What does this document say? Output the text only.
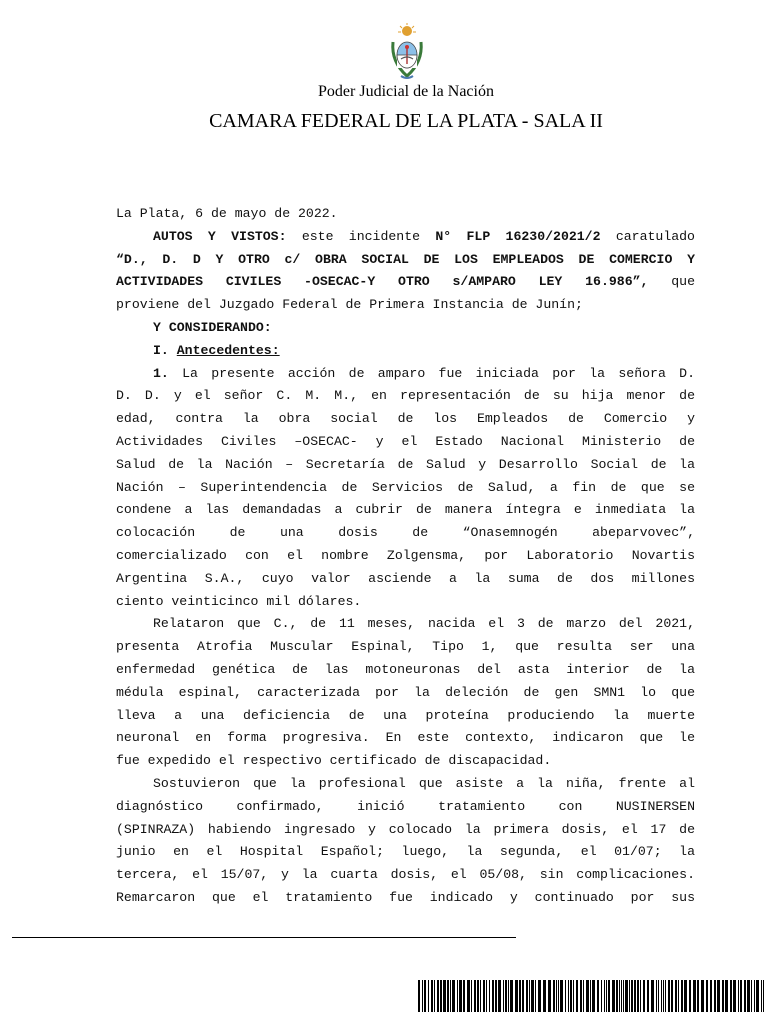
Poder Judicial de la Nación
CAMARA FEDERAL DE LA PLATA - SALA II
La Plata, 6 de mayo de 2022.
AUTOS Y VISTOS: este incidente N° FLP 16230/2021/2 caratulado
“D., D. D Y OTRO c/ OBRA SOCIAL DE LOS EMPLEADOS DE COMERCIO Y
ACTIVIDADES CIVILES -OSECAC-Y OTRO s/AMPARO LEY 16.986”, que
proviene del Juzgado Federal de Primera Instancia de Junín;
Y CONSIDERANDO:
I. Antecedentes:
1. La presente acción de amparo fue iniciada por la señora D.
D. D. y el señor C. M. M., en representación de su hija menor de
edad, contra la obra social de los Empleados de Comercio y
Actividades Civiles –OSECAC- y el Estado Nacional Ministerio de
Salud de la Nación – Secretaría de Salud y Desarrollo Social de la
Nación – Superintendencia de Servicios de Salud, a fin de que se
condene a las demandadas a cubrir de manera íntegra e inmediata la
colocación de una dosis de “Onasemnogén abeparvovec”,
comercializado con el nombre Zolgensma, por Laboratorio Novartis
Argentina S.A., cuyo valor asciende a la suma de dos millones
ciento veinticinco mil dólares.
Relataron que C., de 11 meses, nacida el 3 de marzo del 2021,
presenta Atrofia Muscular Espinal, Tipo 1, que resulta ser una
enfermedad genética de las motoneuronas del asta interior de la
médula espinal, caracterizada por la deleción de gen SMN1 lo que
lleva a una deficiencia de una proteína produciendo la muerte
neuronal en forma progresiva. En este contexto, indicaron que le
fue expedido el respectivo certificado de discapacidad.
Sostuvieron que la profesional que asiste a la niña, frente al
diagnóstico confirmado, inició tratamiento con NUSINERSEN
(SPINRAZA) habiendo ingresado y colocado la primera dosis, el 17 de
junio en el Hospital Español; luego, la segunda, el 01/07; la
tercera, el 15/07, y la cuarta dosis, el 05/08, sin complicaciones.
Remarcaron que el tratamiento fue indicado y continuado por sus
